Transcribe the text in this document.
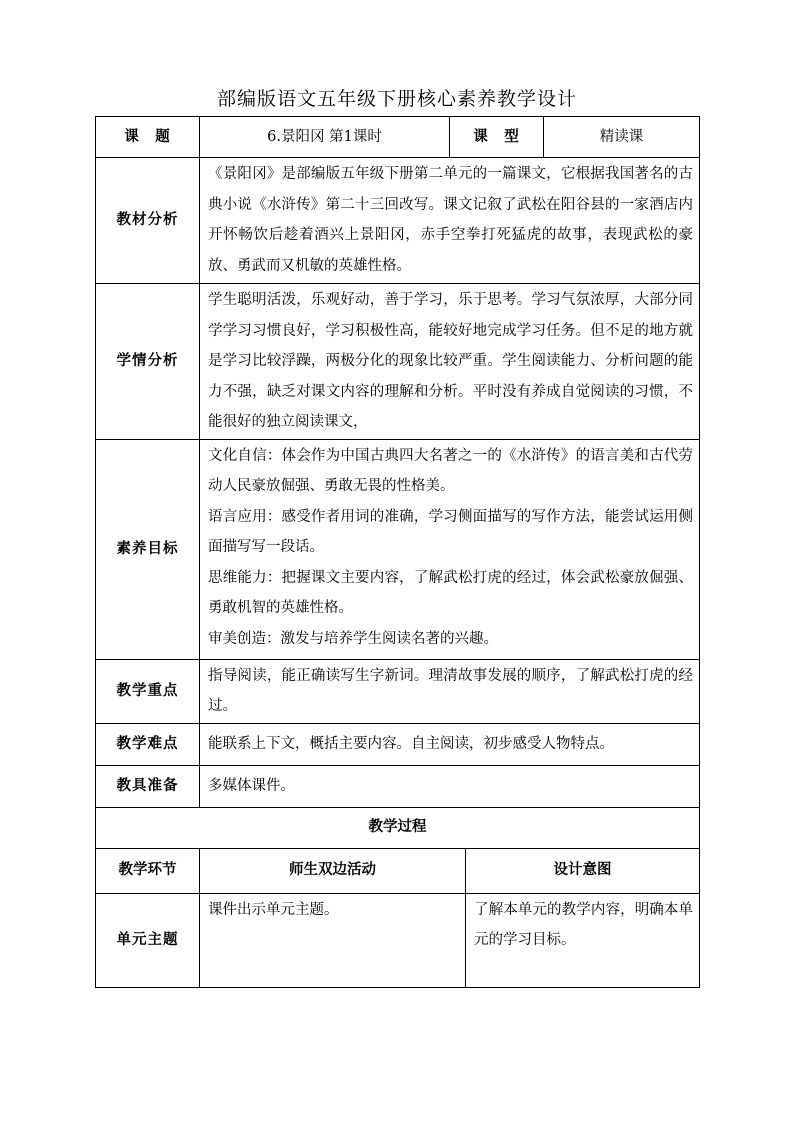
部编版语文五年级下册核心素养教学设计
课　题	6.景阳冈 第1课时	课　型		精读课
教材分析	《景阳冈》是部编版五年级下册第二单元的一篇课文，它根据我国著名的古典小说《水浒传》第二十三回改写。课文记叙了武松在阳谷县的一家酒店内开怀畅饮后趁着酒兴上景阳冈，赤手空拳打死猛虎的故事，表现武松的豪放、勇武而又机敏的英雄性格。			
学情分析	学生聪明活泼，乐观好动，善于学习，乐于思考。学习气氛浓厚，大部分同学学习习惯良好，学习积极性高，能较好地完成学习任务。但不足的地方就是学习比较浮躁，两极分化的现象比较严重。学生阅读能力、分析问题的能力不强，缺乏对课文内容的理解和分析。平时没有养成自觉阅读的习惯，不能很好的独立阅读课文，			
素养目标	文化自信：体会作为中国古典四大名著之一的《水浒传》的语言美和古代劳动人民豪放倔强、勇敢无畏的性格美。
语言应用：感受作者用词的准确，学习侧面描写的写作方法，能尝试运用侧面描写写一段话。
思维能力：把握课文主要内容，了解武松打虎的经过，体会武松豪放倔强、勇敢机智的英雄性格。
审美创造：激发与培养学生阅读名著的兴趣。			

教学重点	指导阅读，能正确读写生字新词。理清故事发展的顺序，了解武松打虎的经过。			
教学难点	能联系上下文，概括主要内容。自主阅读，初步感受人物特点。			
教具准备	多媒体课件。			
教学过程				
教学环节	师生双边活动		设计意图	
单元主题	课件出示单元主题。		了解本单元的教学内容，明确本单元的学习目标。	
